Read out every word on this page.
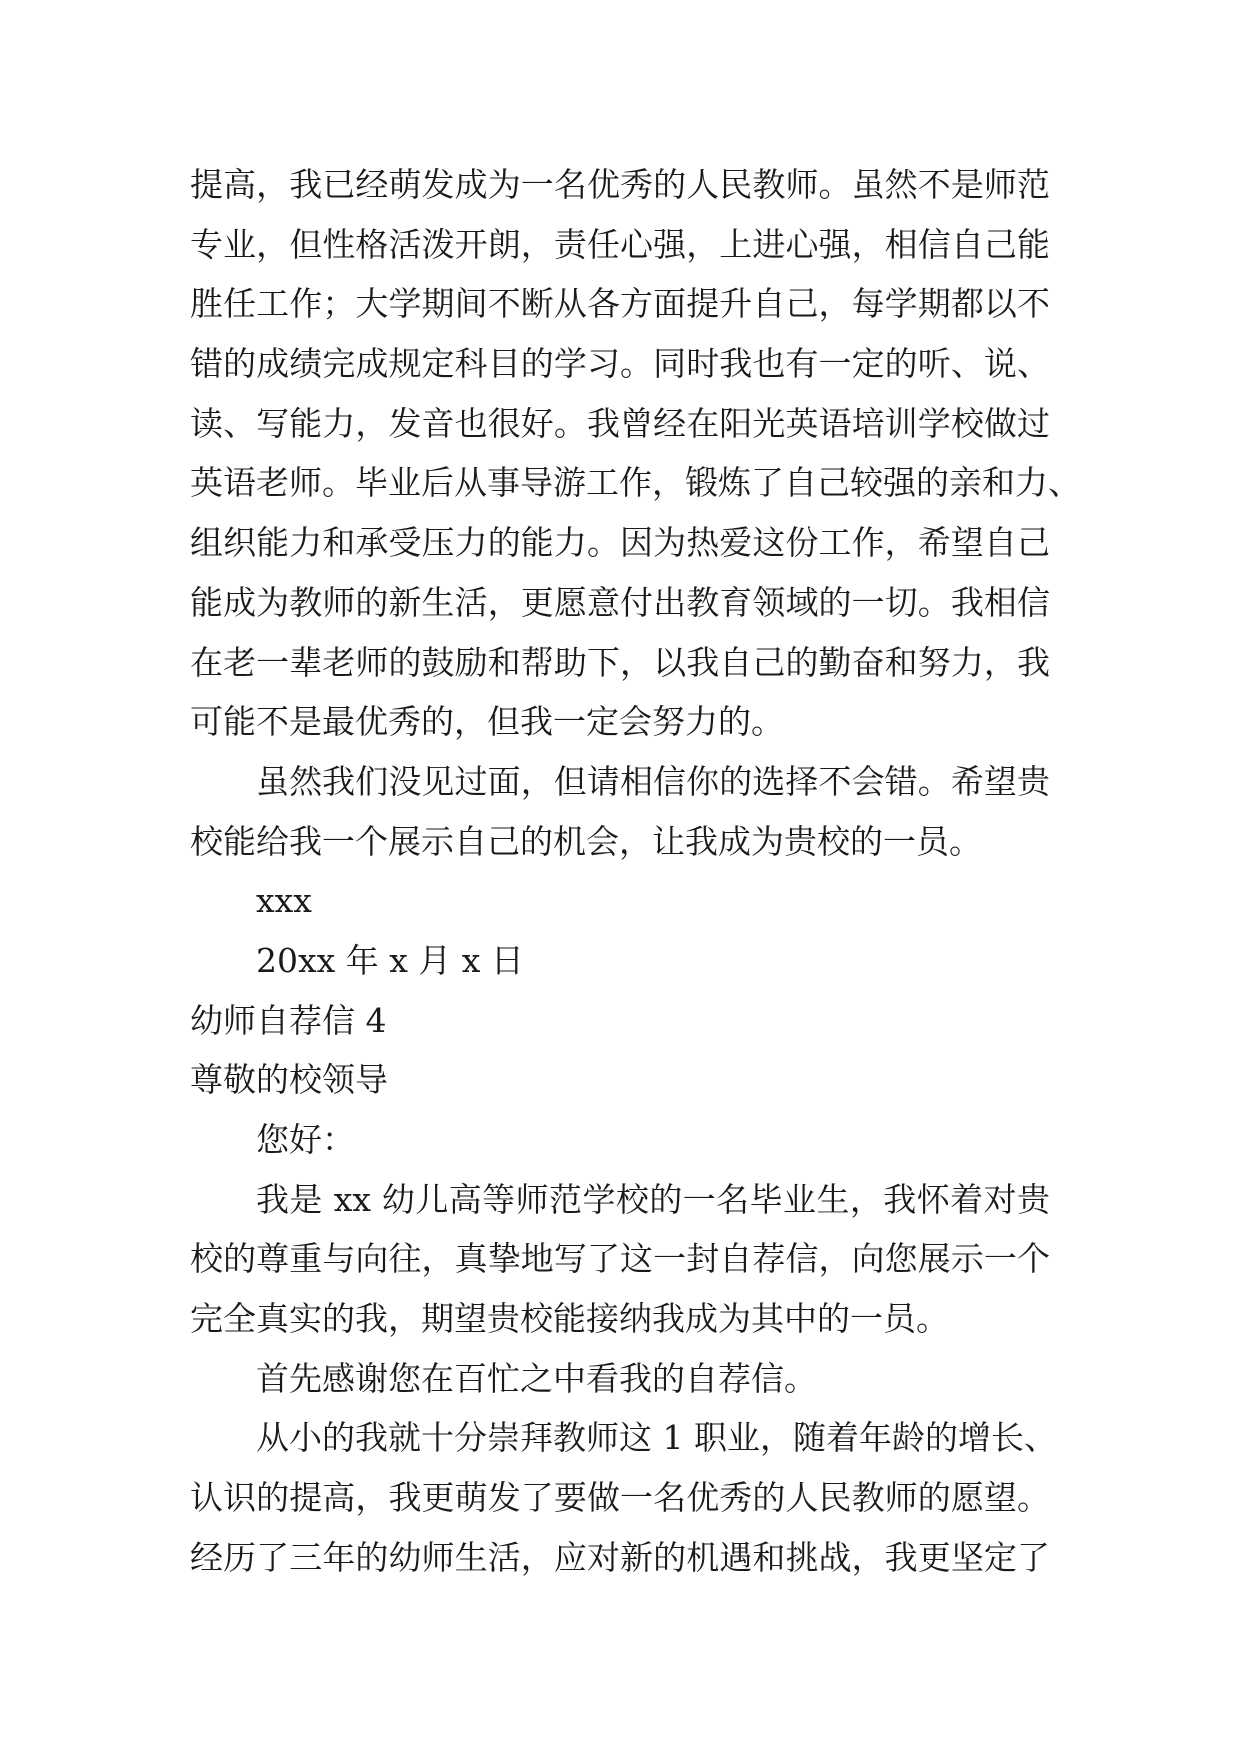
提高，我已经萌发成为一名优秀的人民教师。虽然不是师范
专业，但性格活泼开朗，责任心强，上进心强，相信自己能
胜任工作；大学期间不断从各方面提升自己，每学期都以不
错的成绩完成规定科目的学习。同时我也有一定的听、说、
读、写能力，发音也很好。我曾经在阳光英语培训学校做过
英语老师。毕业后从事导游工作，锻炼了自己较强的亲和力、
组织能力和承受压力的能力。因为热爱这份工作，希望自己
能成为教师的新生活，更愿意付出教育领域的一切。我相信
在老一辈老师的鼓励和帮助下，以我自己的勤奋和努力，我
可能不是最优秀的，但我一定会努力的。
虽然我们没见过面，但请相信你的选择不会错。希望贵
校能给我一个展示自己的机会，让我成为贵校的一员。
xxx
20xx 年 x 月 x 日
幼师自荐信 4
尊敬的校领导
您好：
我是 xx 幼儿高等师范学校的一名毕业生，我怀着对贵
校的尊重与向往，真挚地写了这一封自荐信，向您展示一个
完全真实的我，期望贵校能接纳我成为其中的一员。
首先感谢您在百忙之中看我的自荐信。
从小的我就十分崇拜教师这 1 职业，随着年龄的增长、
认识的提高，我更萌发了要做一名优秀的人民教师的愿望。
经历了三年的幼师生活，应对新的机遇和挑战，我更坚定了
